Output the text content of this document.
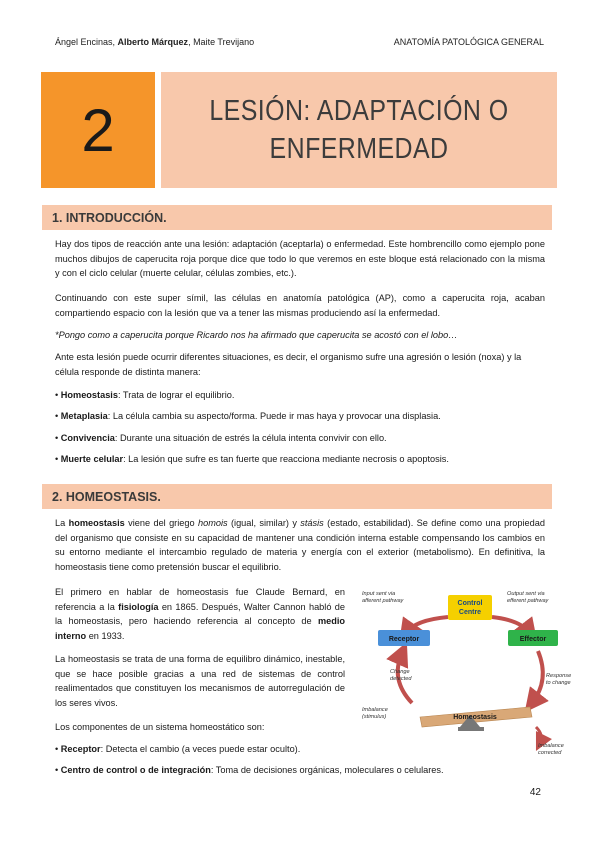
Ángel Encinas, Alberto Márquez, Maite Trevijano	ANATOMÍA PATOLÓGICA GENERAL
2	LESIÓN: ADAPTACIÓN O
ENFERMEDAD
1. INTRODUCCIÓN.
Hay dos tipos de reacción ante una lesión: adaptación (aceptarla) o enfermedad. Este hombrencillo como ejemplo pone muchos dibujos de caperucita roja porque dice que todo lo que veremos en este bloque está relacionado con la misma y con el ciclo celular (muerte celular, células zombies, etc.).
Continuando con este super símil, las células en anatomía patológica (AP), como a caperucita roja, acaban compartiendo espacio con la lesión que va a tener las mismas produciendo así la enfermedad.
*Pongo como a caperucita porque Ricardo nos ha afirmado que caperucita se acostó con el lobo…
Ante esta lesión puede ocurrir diferentes situaciones, es decir, el organismo sufre una agresión o lesión (noxa) y la célula responde de distinta manera:
• Homeostasis: Trata de lograr el equilibrio.
• Metaplasia: La célula cambia su aspecto/forma. Puede ir mas haya y provocar una displasia.
• Convivencia: Durante una situación de estrés la célula intenta convivir con ello.
• Muerte celular: La lesión que sufre es tan fuerte que reacciona mediante necrosis o apoptosis.
2. HOMEOSTASIS.
La homeostasis viene del griego homois (igual, similar) y stásis (estado, estabilidad). Se define como una propiedad del organismo que consiste en su capacidad de mantener una condición interna estable compensando los cambios en su entorno mediante el intercambio regulado de materia y energía con el exterior (metabolismo). En definitiva, la homeostasis tiene como pretensión buscar el equilibrio.
El primero en hablar de homeostasis fue Claude Bernard, en referencia a la fisiología en 1865. Después, Walter Cannon habló de la homeostasis, pero haciendo referencia al concepto de medio interno en 1933.
La homeostasis se trata de una forma de equilibro dinámico, inestable, que se hace posible gracias a una red de sistemas de control realimentados que constituyen los mecanismos de autorregulación de los seres vivos.
Los componentes de un sistema homeostático son:
• Receptor: Detecta el cambio (a veces puede estar oculto).
• Centro de control o de integración: Toma de decisiones orgánicas, moleculares o celulares.
Control
Centre
Receptor	Effector
Input sent via
afferent pathway
Output sent via
efferent pathway
Change
detected	Response
to change
Imbalance
(stimulus)
Imbalance
corrected
Homeostasis
42
